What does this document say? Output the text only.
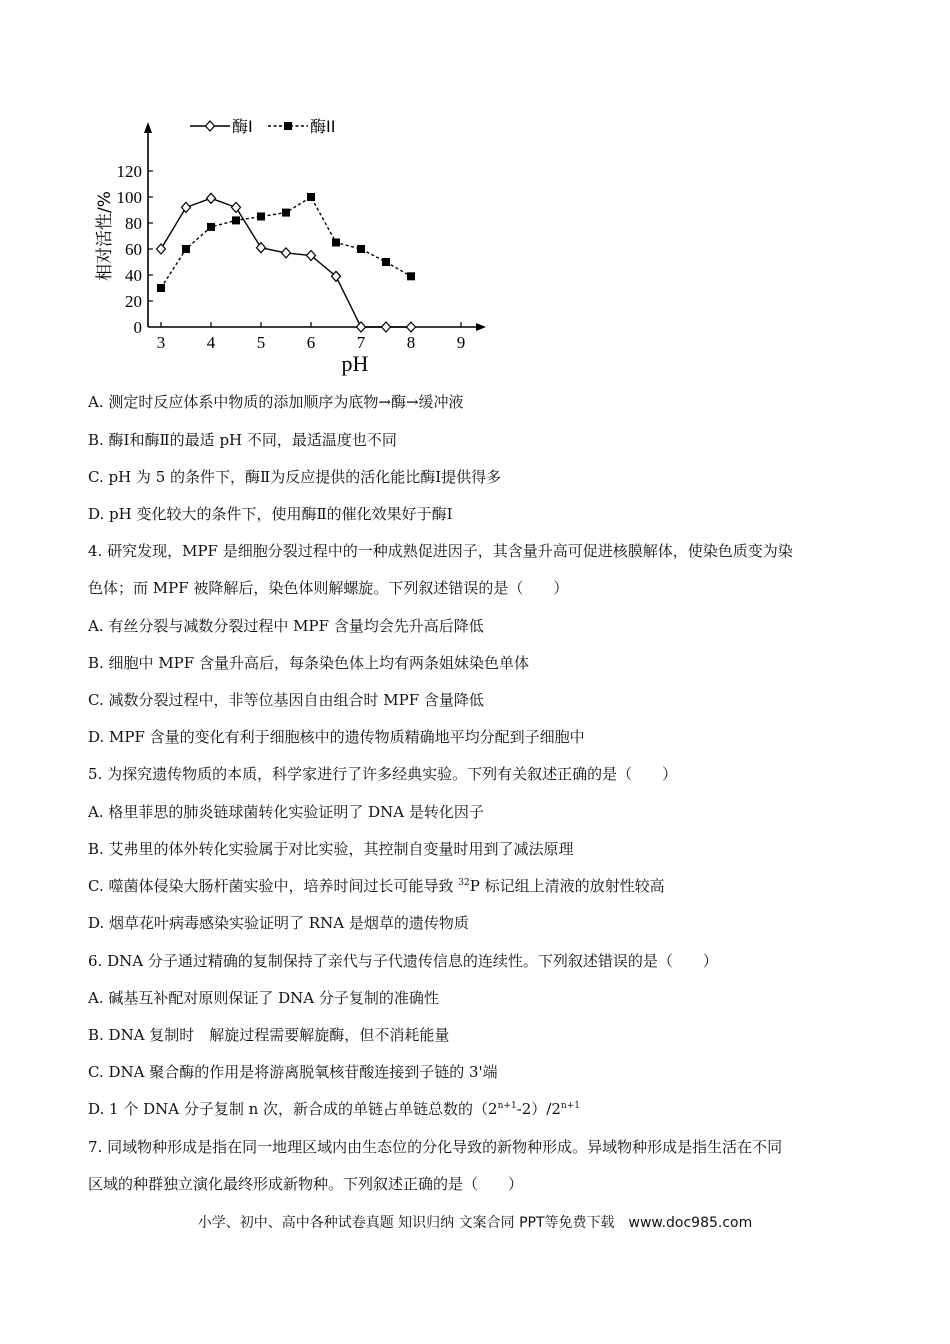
3 4 5 6 7 8 9
0
20
40
60
80
100
120
pH
相对活性/%
酶I	酶II
A. 测定时反应体系中物质的添加顺序为底物→酶→缓冲液
B. 酶Ⅰ和酶Ⅱ的最适 pH 不同，最适温度也不同
C. pH 为 5 的条件下，酶Ⅱ为反应提供的活化能比酶Ⅰ提供得多
D. pH 变化较大的条件下，使用酶Ⅱ的催化效果好于酶Ⅰ
4. 研究发现，MPF 是细胞分裂过程中的一种成熟促进因子，其含量升高可促进核膜解体，使染色质变为染
色体；而 MPF 被降解后，染色体则解螺旋。下列叙述错误的是（　　）
A. 有丝分裂与减数分裂过程中 MPF 含量均会先升高后降低
B. 细胞中 MPF 含量升高后，每条染色体上均有两条姐妹染色单体
C. 减数分裂过程中，非等位基因自由组合时 MPF 含量降低
D. MPF 含量的变化有利于细胞核中的遗传物质精确地平均分配到子细胞中
5. 为探究遗传物质的本质，科学家进行了许多经典实验。下列有关叙述正确的是（　　）
A. 格里菲思的肺炎链球菌转化实验证明了 DNA 是转化因子
B. 艾弗里的体外转化实验属于对比实验，其控制自变量时用到了减法原理
C. 噬菌体侵染大肠杆菌实验中，培养时间过长可能导致 $^{32}$P 标记组上清液的放射性较高
D. 烟草花叶病毒感染实验证明了 RNA 是烟草的遗传物质
6. DNA 分子通过精确的复制保持了亲代与子代遗传信息的连续性。下列叙述错误的是（　　）
A. 碱基互补配对原则保证了 DNA 分子复制的准确性
B. DNA 复制时　解旋过程需要解旋酶，但不消耗能量
C. DNA 聚合酶的作用是将游离脱氧核苷酸连接到子链的 3'端
D. 1 个 DNA 分子复制 n 次，新合成的单链占单链总数的$(2^{n+1}-2)/2^{n+1}$
7. 同域物种形成是指在同一地理区域内由生态位的分化导致的新物种形成。异域物种形成是指生活在不同
区域的种群独立演化最终形成新物种。下列叙述正确的是（　　）
小学、初中、高中各种试卷真题 知识归纳 文案合同 PPT等免费下载　www.doc985.com
